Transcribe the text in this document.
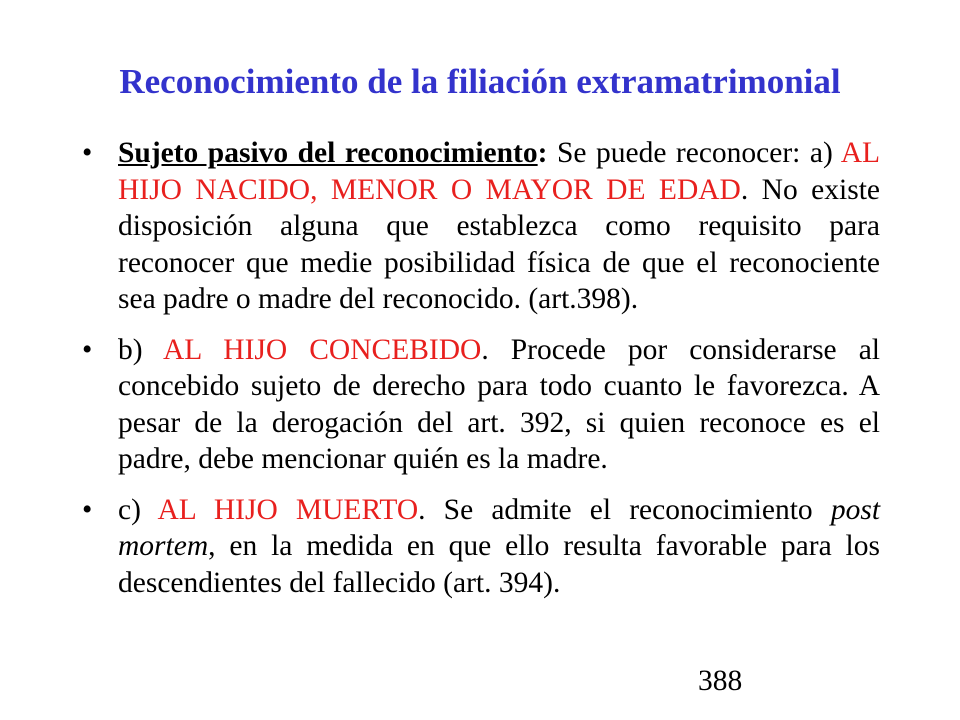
Reconocimiento de la filiación extramatrimonial
• Sujeto pasivo del reconocimiento: Se puede reconocer: a) AL HIJO NACIDO, MENOR O MAYOR DE EDAD. No existe disposición alguna que establezca como requisito para reconocer que medie posibilidad física de que el reconociente sea padre o madre del reconocido. (art.398).
• b) AL HIJO CONCEBIDO. Procede por considerarse al concebido sujeto de derecho para todo cuanto le favorezca. A pesar de la derogación del art. 392, si quien reconoce es el padre, debe mencionar quién es la madre.
• c) AL HIJO MUERTO. Se admite el reconocimiento post mortem, en la medida en que ello resulta favorable para los descendientes del fallecido (art. 394).
388
